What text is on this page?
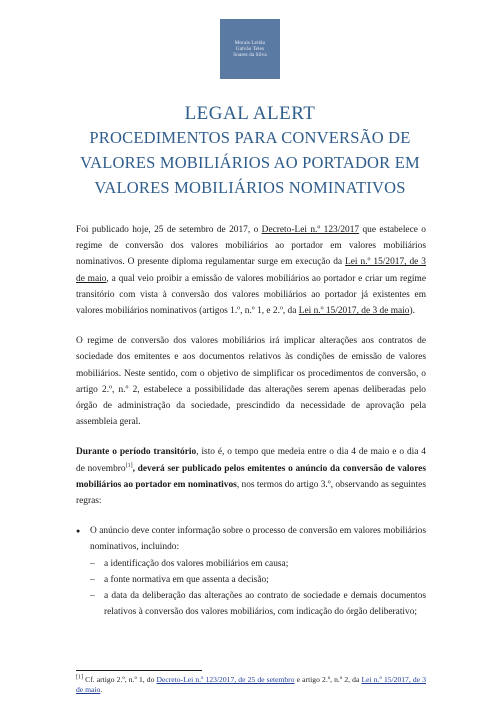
Morais Leitão
Galvão Teles
Soares da Silva
LEGAL ALERT
PROCEDIMENTOS PARA CONVERSÃO DE
VALORES MOBILIÁRIOS AO PORTADOR EM
VALORES MOBILIÁRIOS NOMINATIVOS

Foi publicado hoje, 25 de setembro de 2017, o Decreto-Lei n.º 123/2017 que estabelece o regime de conversão dos valores mobiliários ao portador em valores mobiliários nominativos. O presente diploma regulamentar surge em execução da Lei n.º 15/2017, de 3 de maio, a qual veio proibir a emissão de valores mobiliários ao portador e criar um regime transitório com vista à conversão dos valores mobiliários ao portador já existentes em valores mobiliários nominativos (artigos 1.º, n.º 1, e 2.º, da Lei n.º 15/2017, de 3 de maio).

O regime de conversão dos valores mobiliários irá implicar alterações aos contratos de sociedade dos emitentes e aos documentos relativos às condições de emissão de valores mobiliários. Neste sentido, com o objetivo de simplificar os procedimentos de conversão, o artigo 2.º, n.º 2, estabelece a possibilidade das alterações serem apenas deliberadas pelo órgão de administração da sociedade, prescindido da necessidade de aprovação pela assembleia geral.

Durante o período transitório, isto é, o tempo que medeia entre o dia 4 de maio e o dia 4 de novembro[1], deverá ser publicado pelos emitentes o anúncio da conversão de valores mobiliários ao portador em nominativos, nos termos do artigo 3.º, observando as seguintes regras:

● O anúncio deve conter informação sobre o processo de conversão em valores mobiliários nominativos, incluindo:
– a identificação dos valores mobiliários em causa;
– a fonte normativa em que assenta a decisão;
– a data da deliberação das alterações ao contrato de sociedade e demais documentos relativos à conversão dos valores mobiliários, com indicação do órgão deliberativo;
[1] Cf. artigo 2.º, n.º 1, do Decreto-Lei n.º 123/2017, de 25 de setembro e artigo 2.º, n.º 2, da Lei n.º 15/2017, de 3 de maio.
